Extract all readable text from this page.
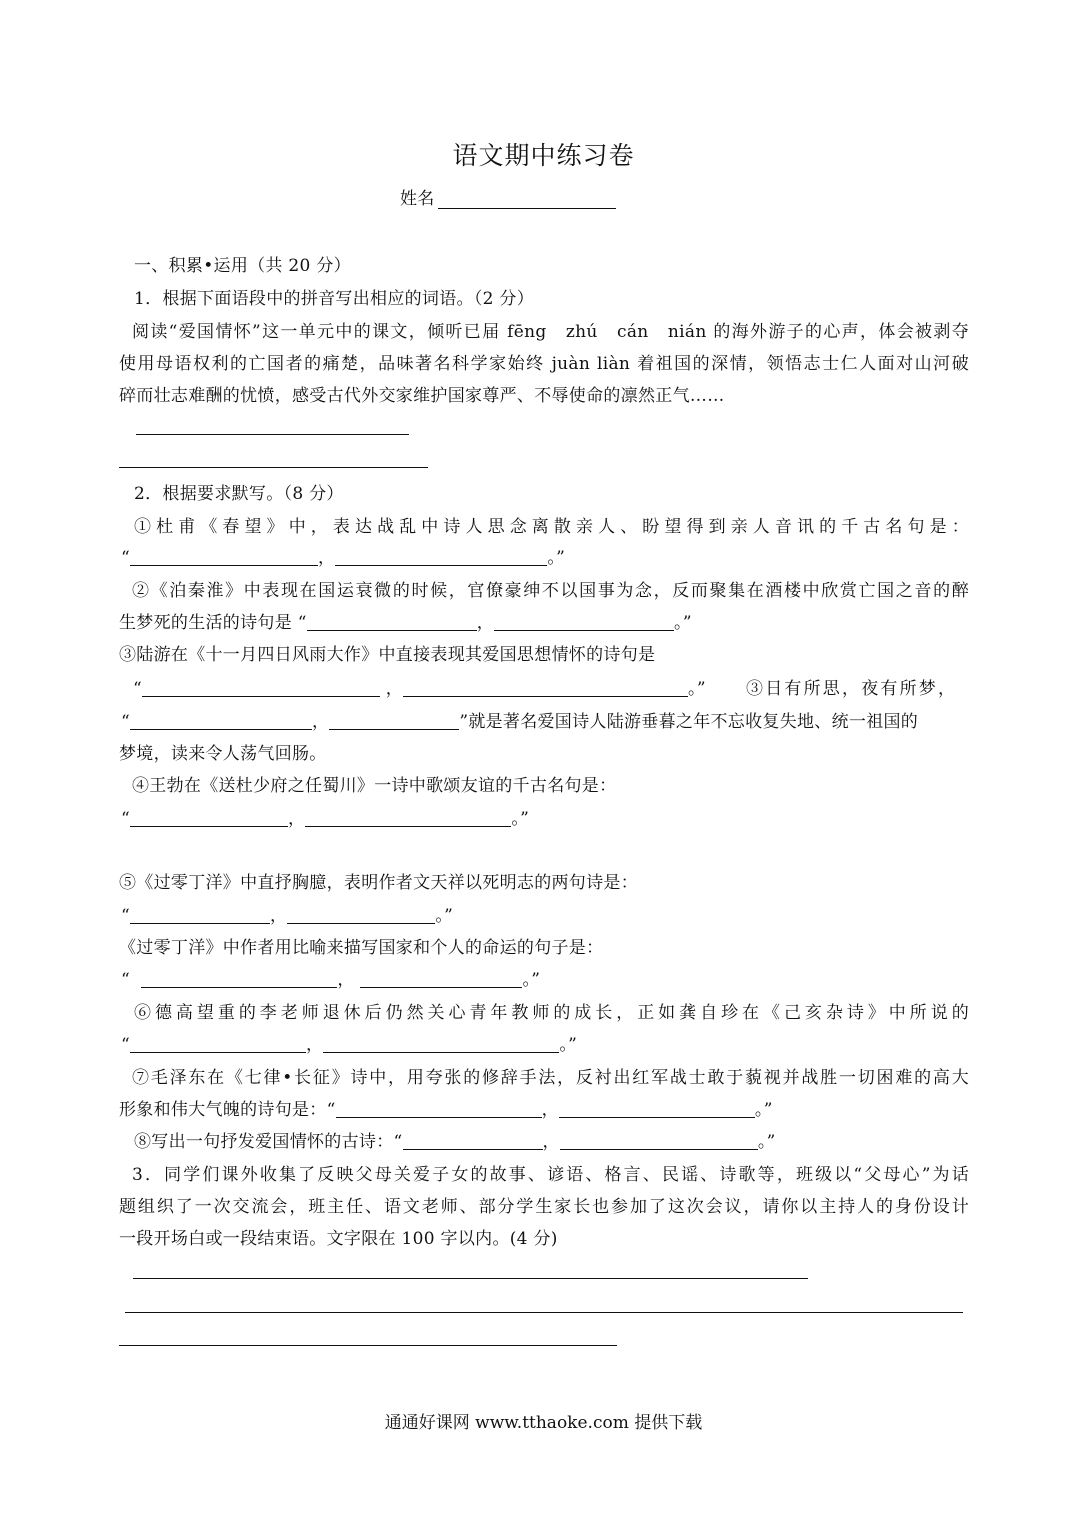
语文期中练习卷
姓名
一、积累•运用（共 20 分）
1．根据下面语段中的拼音写出相应的词语。（2 分）
阅读“爱国情怀”这一单元中的课文，倾听已届 fēng　zhú　cán　nián 的海外游子的心声，体会被剥夺
使用母语权利的亡国者的痛楚，品味著名科学家始终 juàn liàn 着祖国的深情，领悟志士仁人面对山河破
碎而壮志难酬的忧愤，感受古代外交家维护国家尊严、不辱使命的凛然正气……
2．根据要求默写。（8 分）
①杜甫《春望》中，表达战乱中诗人思念离散亲人、盼望得到亲人音讯的千古名句是：
“	，	。”
②《泊秦淮》中表现在国运衰微的时候，官僚豪绅不以国事为念，反而聚集在酒楼中欣赏亡国之音的醉
生梦死的生活的诗句是 “	，	。”
③陆游在《十一月四日风雨大作》中直接表现其爱国思想情怀的诗句是
“	，	。” ③日有所思，夜有所梦，
“	，	”就是著名爱国诗人陆游垂暮之年不忘收复失地、统一祖国的
梦境，读来令人荡气回肠。
④王勃在《送杜少府之任蜀川》一诗中歌颂友谊的千古名句是：
“	，	。”
⑤《过零丁洋》中直抒胸臆，表明作者文天祥以死明志的两句诗是：
“	，	。”
《过零丁洋》中作者用比喻来描写国家和个人的命运的句子是：
“	，	。”
⑥德高望重的李老师退休后仍然关心青年教师的成长，正如龚自珍在《己亥杂诗》中所说的
“	，	。”
⑦毛泽东在《七律•长征》诗中，用夸张的修辞手法，反衬出红军战士敢于藐视并战胜一切困难的高大
形象和伟大气魄的诗句是：“	，	。”
⑧写出一句抒发爱国情怀的古诗：“	，	。”
3．同学们课外收集了反映父母关爱子女的故事、谚语、格言、民谣、诗歌等，班级以“父母心”为话
题组织了一次交流会，班主任、语文老师、部分学生家长也参加了这次会议，请你以主持人的身份设计
一段开场白或一段结束语。文字限在 100 字以内。(4 分)
通通好课网 www.tthaoke.com 提供下载
